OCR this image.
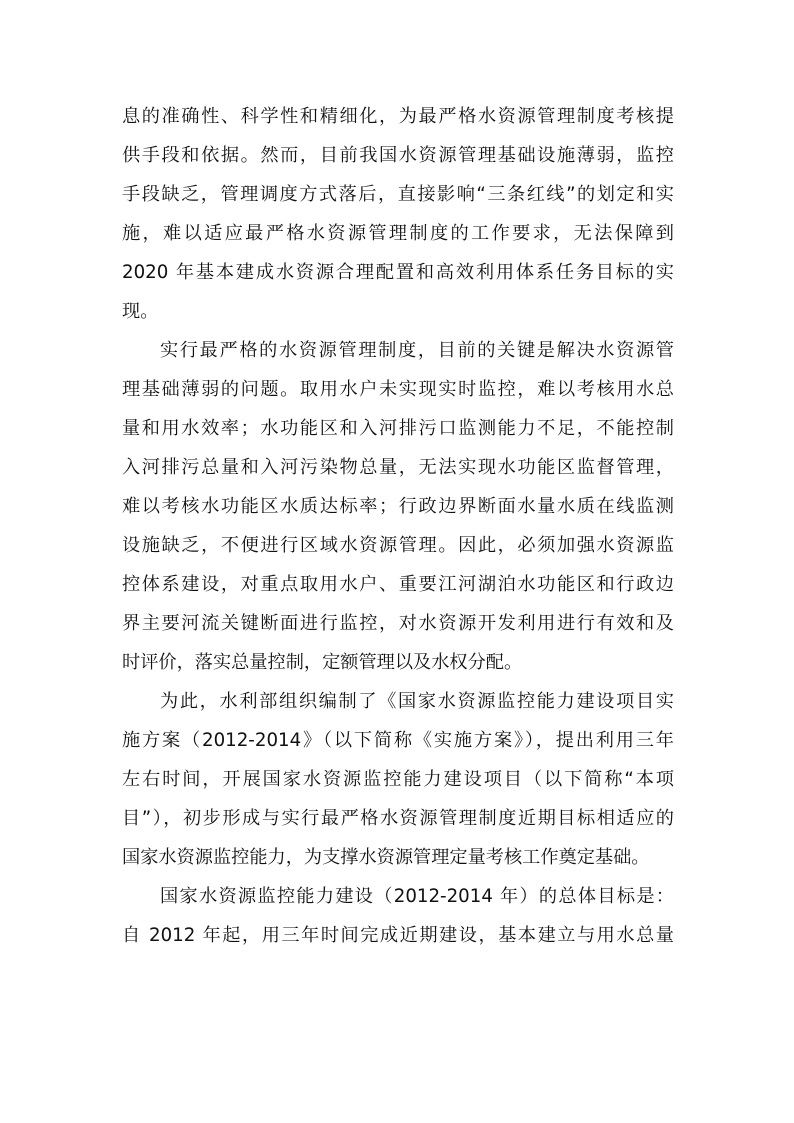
息的准确性、科学性和精细化，为最严格水资源管理制度考核提
供手段和依据。然而，目前我国水资源管理基础设施薄弱，监控
手段缺乏，管理调度方式落后，直接影响“三条红线”的划定和实
施，难以适应最严格水资源管理制度的工作要求，无法保障到
2020 年基本建成水资源合理配置和高效利用体系任务目标的实
现。
实行最严格的水资源管理制度，目前的关键是解决水资源管
理基础薄弱的问题。取用水户未实现实时监控，难以考核用水总
量和用水效率；水功能区和入河排污口监测能力不足，不能控制
入河排污总量和入河污染物总量，无法实现水功能区监督管理，
难以考核水功能区水质达标率；行政边界断面水量水质在线监测
设施缺乏，不便进行区域水资源管理。因此，必须加强水资源监
控体系建设，对重点取用水户、重要江河湖泊水功能区和行政边
界主要河流关键断面进行监控，对水资源开发利用进行有效和及
时评价，落实总量控制，定额管理以及水权分配。
为此，水利部组织编制了《国家水资源监控能力建设项目实
施方案（2012-2014》（以下简称《实施方案》），提出利用三年
左右时间，开展国家水资源监控能力建设项目（以下简称“本项
目”），初步形成与实行最严格水资源管理制度近期目标相适应的
国家水资源监控能力，为支撑水资源管理定量考核工作奠定基础。
国家水资源监控能力建设（2012-2014 年）的总体目标是：
自 2012 年起，用三年时间完成近期建设，基本建立与用水总量
